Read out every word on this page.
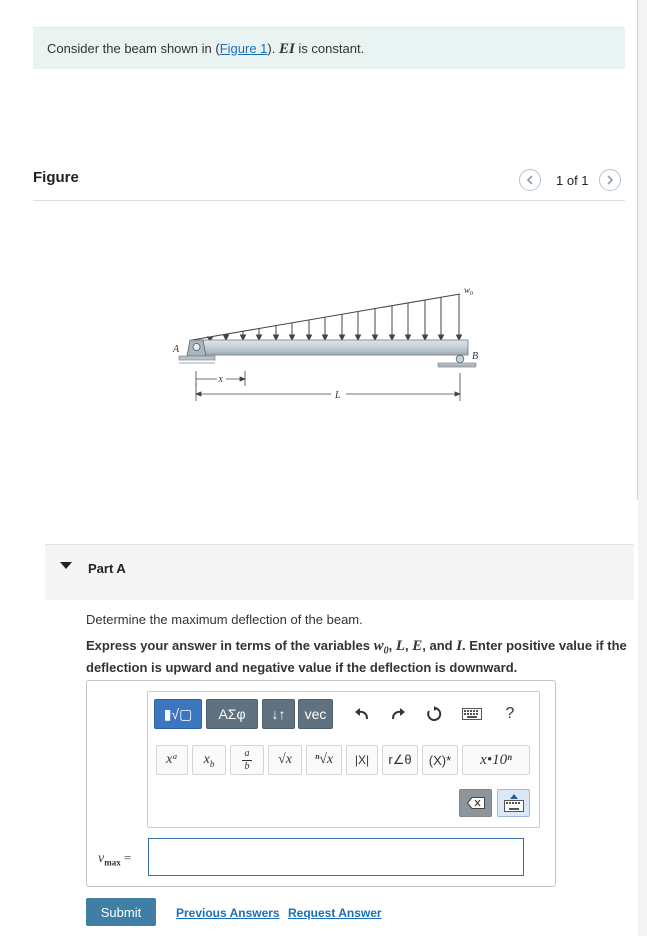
Consider the beam shown in (Figure 1). EI is constant.
Figure	1 of 1
A
B
$w_0$
x
L
Part A
Determine the maximum deflection of the beam.
Express your answer in terms of the variables $w_0$, L, E, and I. Enter positive value if the deflection is upward and negative value if the deflection is downward.
▮√▢ ΑΣφ ↓↑ vec	?
xᵃ $x_b$
a
b √x ⁿ√x |X| r∠θ (X)* x•10ⁿ
$v_{max}$ =
Submit	Previous Answers Request Answer
